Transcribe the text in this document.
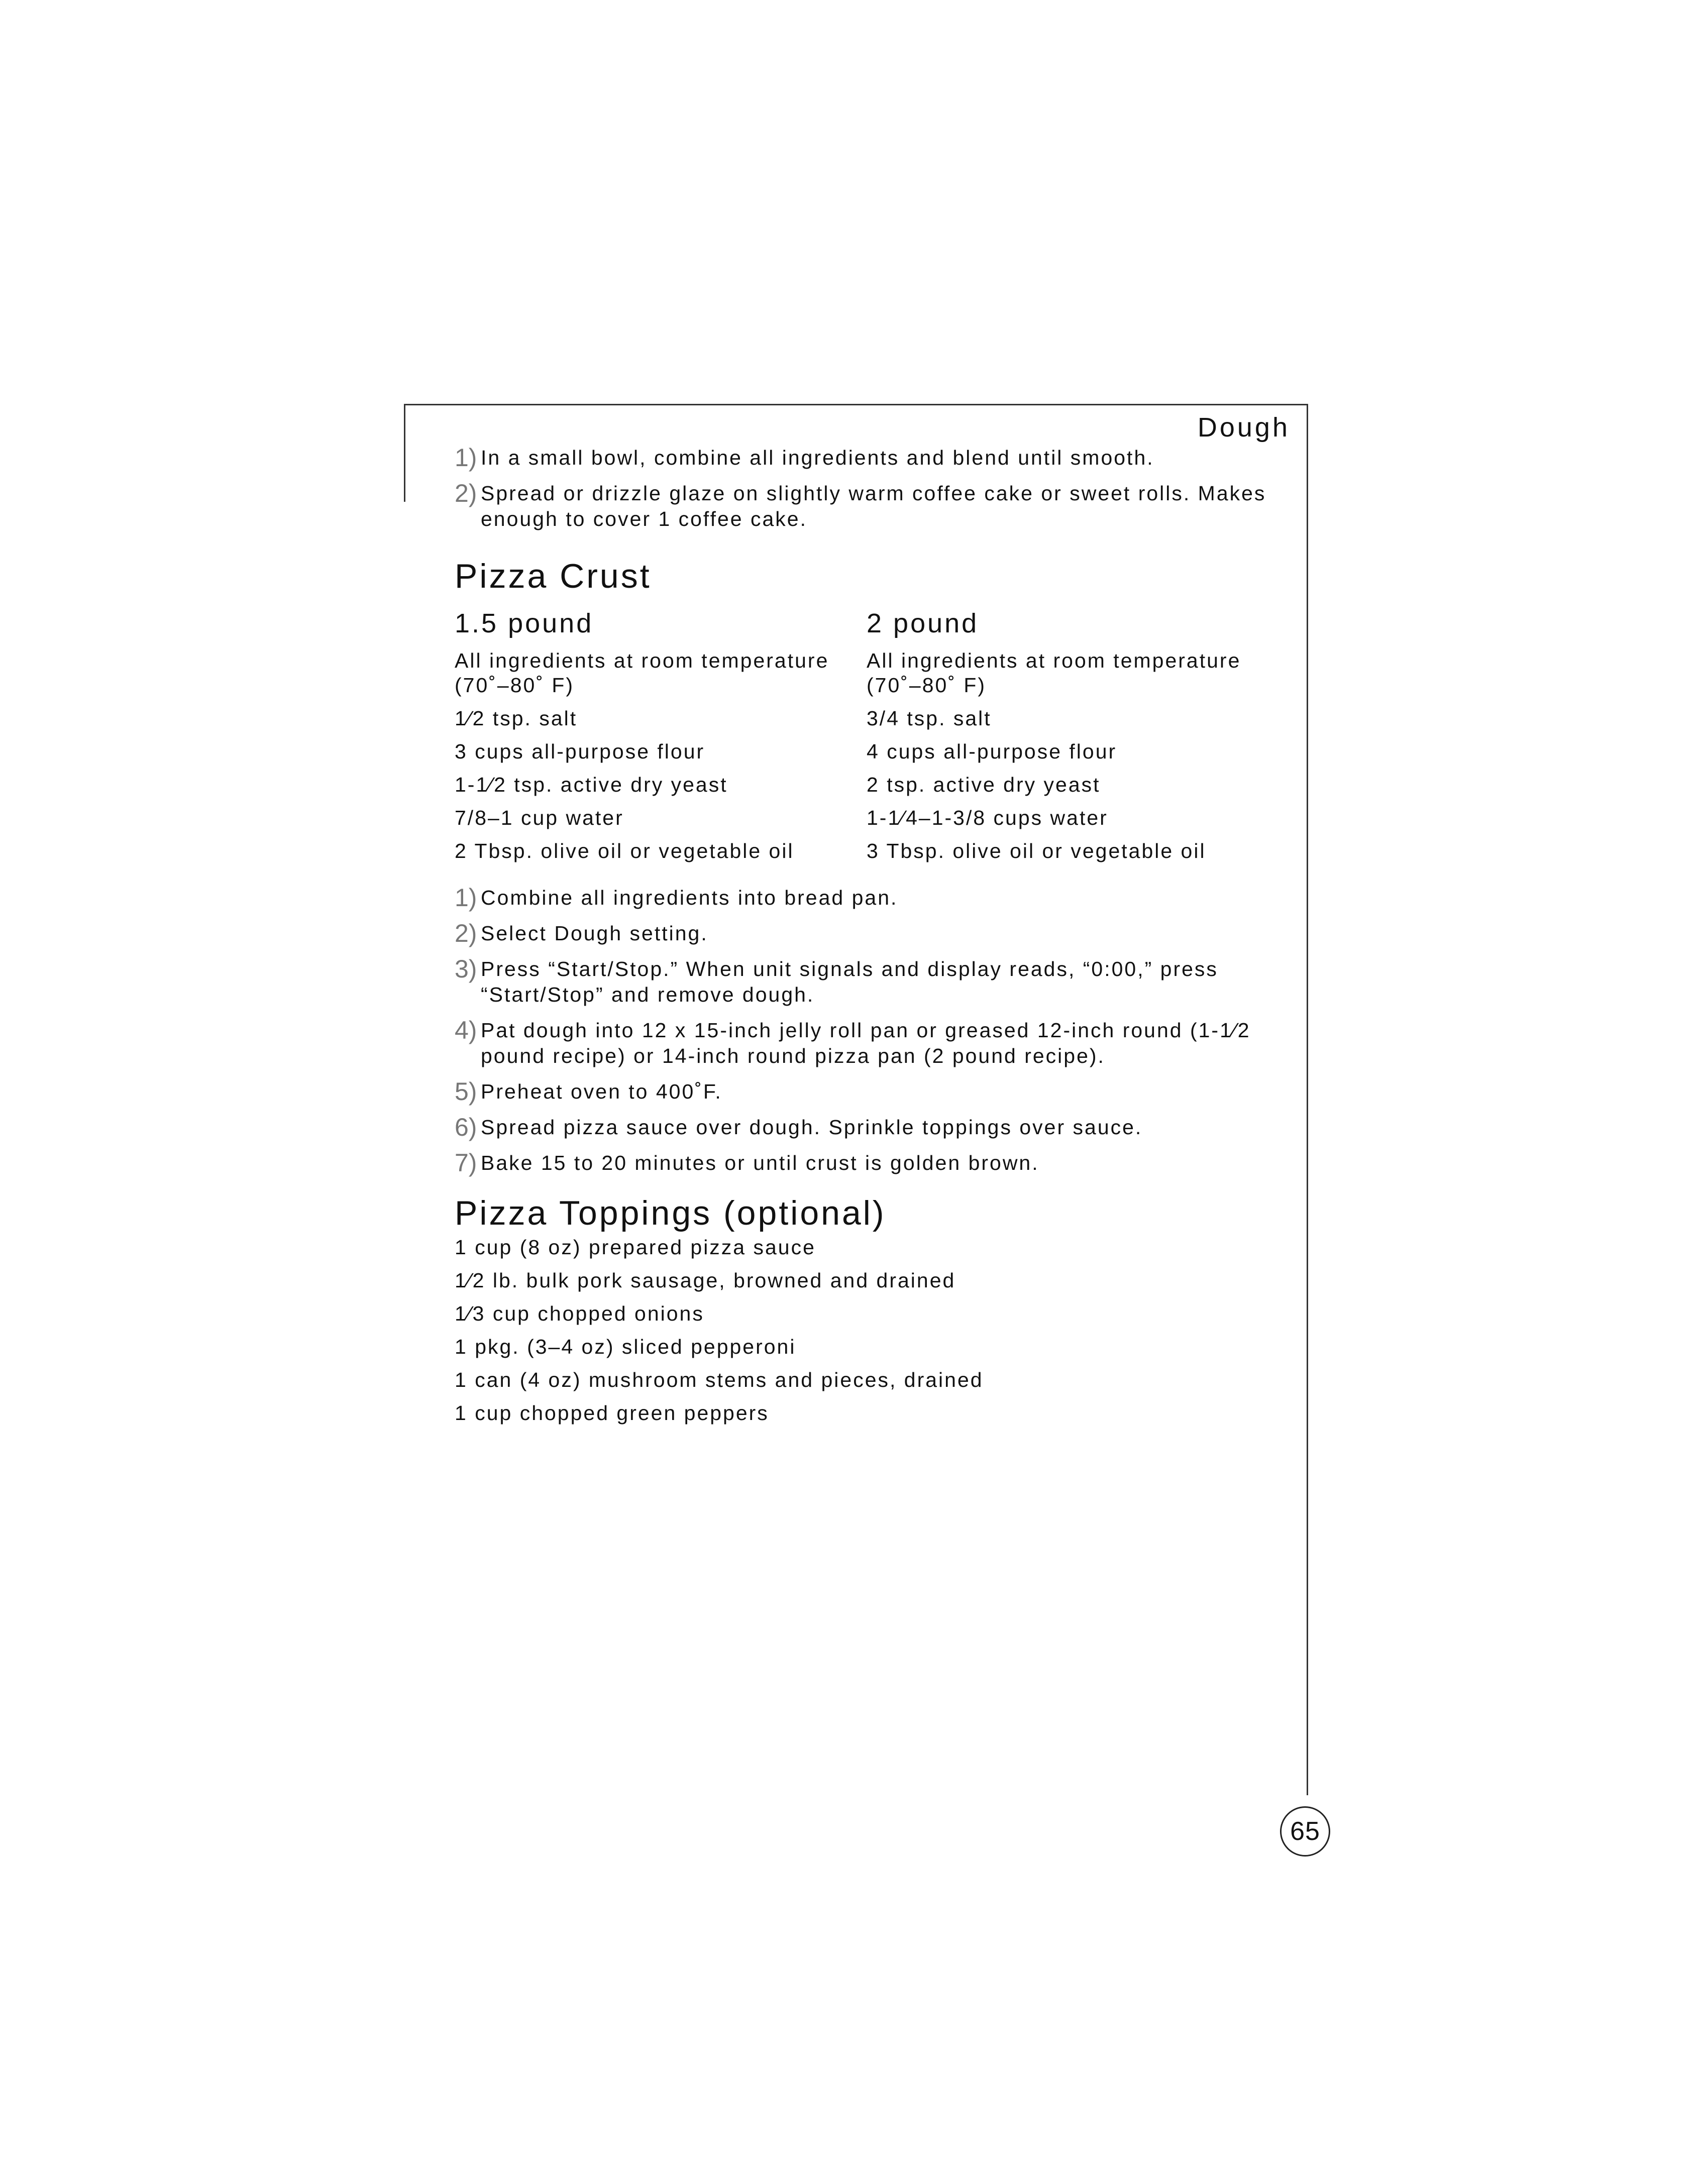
Dough
1) In a small bowl, combine all ingredients and blend until smooth.
2) Spread or drizzle glaze on slightly warm coffee cake or sweet rolls. Makes enough to cover 1 coffee cake.
Pizza Crust
1.5 pound
All ingredients at room temperature (70˚–80˚ F)
1⁄2 tsp. salt
3 cups all-purpose flour
1-1⁄2 tsp. active dry yeast
7/8–1 cup water
2 Tbsp. olive oil or vegetable oil
2 pound
All ingredients at room temperature (70˚–80˚ F)
3/4 tsp. salt
4 cups all-purpose flour
2 tsp. active dry yeast
1-1⁄4–1-3/8 cups water
3 Tbsp. olive oil or vegetable oil
1) Combine all ingredients into bread pan.
2) Select Dough setting.
3) Press “Start/Stop.” When unit signals and display reads, “0:00,” press “Start/Stop” and remove dough.
4) Pat dough into 12 x 15-inch jelly roll pan or greased 12-inch round (1-1⁄2 pound recipe) or 14-inch round pizza pan (2 pound recipe).
5) Preheat oven to 400˚F.
6) Spread pizza sauce over dough. Sprinkle toppings over sauce.
7) Bake 15 to 20 minutes or until crust is golden brown.
Pizza Toppings (optional)
1 cup (8 oz) prepared pizza sauce
1⁄2 lb. bulk pork sausage, browned and drained
1⁄3 cup chopped onions
1 pkg. (3–4 oz) sliced pepperoni
1 can (4 oz) mushroom stems and pieces, drained
1 cup chopped green peppers
65
